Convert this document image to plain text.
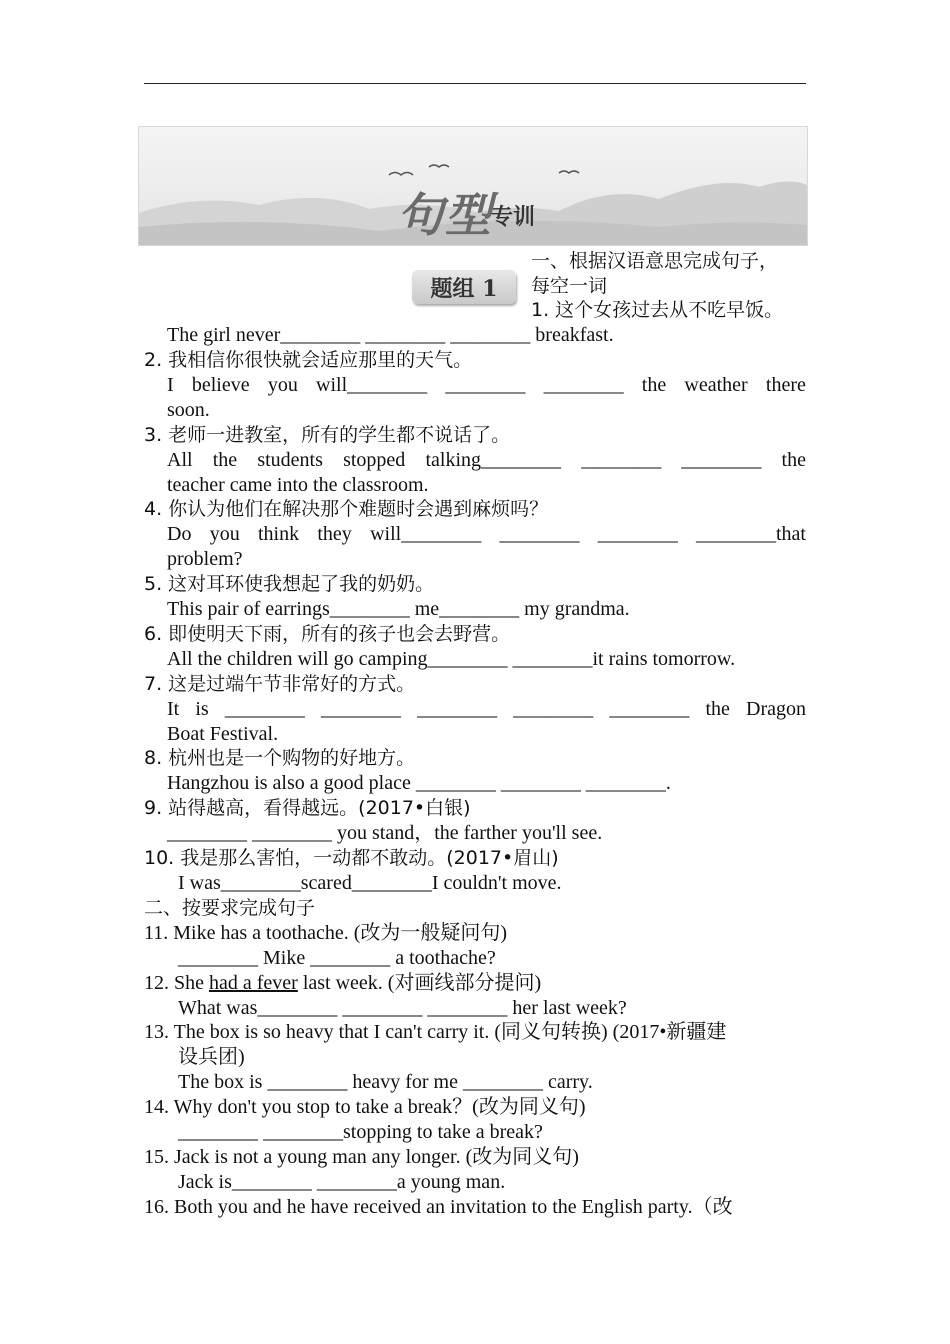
句型
专训
题组 1
一、根据汉语意思完成句子，
每空一词
1. 这个女孩过去从不吃早饭。
The girl never________ ________ ________ breakfast.
2. 我相信你很快就会适应那里的天气。
I believe you will________ ________ ________ the weather there
soon.
3. 老师一进教室，所有的学生都不说话了。
All the students stopped talking________ ________ ________ the
teacher came into the classroom.
4. 你认为他们在解决那个难题时会遇到麻烦吗？
Do you think they will________ ________ ________ ________that
problem?
5. 这对耳环使我想起了我的奶奶。
This pair of earrings________ me________ my grandma.
6. 即使明天下雨，所有的孩子也会去野营。
All the children will go camping________ ________it rains tomorrow.
7. 这是过端午节非常好的方式。
It is ________ ________ ________ ________ ________ the Dragon
Boat Festival.
8. 杭州也是一个购物的好地方。
Hangzhou is also a good place ________ ________ ________.
9. 站得越高，看得越远。(2017•白银)
________ ________ you stand，the farther you'll see.
10. 我是那么害怕，一动都不敢动。(2017•眉山)
I was________scared________I couldn't move.
二、按要求完成句子
11. Mike has a toothache. (改为一般疑问句)
________ Mike ________ a toothache?
12. She had a fever last week. (对画线部分提问)
What was________ ________ ________ her last week?
13. The box is so heavy that I can't carry it. (同义句转换) (2017•新疆建
设兵团)
The box is ________ heavy for me ________ carry.
14. Why don't you stop to take a break？(改为同义句)
________ ________stopping to take a break?
15. Jack is not a young man any longer. (改为同义句)
Jack is________ ________a young man.
16. Both you and he have received an invitation to the English party.（改
